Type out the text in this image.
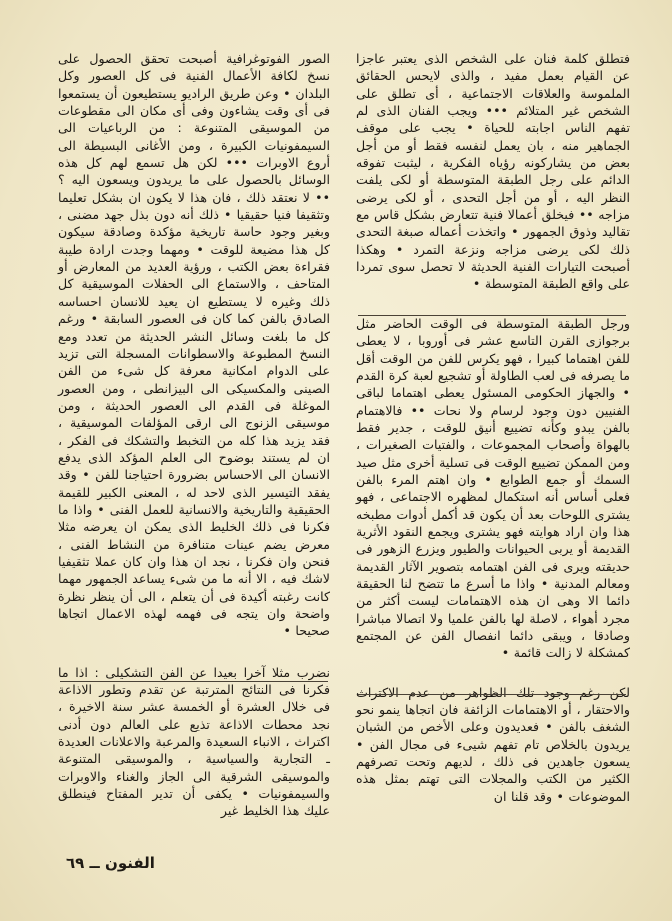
فتطلق كلمة فنان على الشخص الذى يعتبر عاجزا عن القيام بعمل مفيد ، والذى لايحس الحقائق الملموسة والعلاقات الاجتماعية ، أى تطلق على الشخص غير المتلائم ••• ويجب الفنان الذى لم تفهم الناس اجابته للحياة • يجب على موقف الجماهير منه ، بان يعمل لنفسه فقط أو من أجل بعض من يشاركونه رؤياه الفكرية ، ليثبت تفوقه الدائم على رجل الطبقة المتوسطة أو لكى يلفت النظر اليه ، أو من أجل التحدى ، أو لكى يرضى مزاجه •• فيخلق أعمالا فنية تتعارض بشكل قاس مع تقاليد وذوق الجمهور • واتخذت أعماله صبغة التحدى ذلك لكى يرضى مزاجه ونزعة التمرد • وهكذا أصبحت التيارات الفنية الحديثة لا تحصل سوى تمردا على واقع الطبقة المتوسطة •

ورجل الطبقة المتوسطة فى الوقت الحاضر مثل برجوازى القرن التاسع عشر فى أوروبا ، لا يعطى للفن اهتماما كبيرا ، فهو يكرس للفن من الوقت أقل ما يصرفه فى لعب الطاولة أو تشجيع لعبة كرة القدم • والجهاز الحكومى المسئول يعطى اهتماما لباقى الفنيين دون وجود لرسام ولا نحات •• فالاهتمام بالفن يبدو وكأنه تضييع أنيق للوقت ، جدير فقط بالهواة وأصحاب المجموعات ، والفتيات الصغيرات ، ومن الممكن تضييع الوقت فى تسلية أخرى مثل صيد السمك أو جمع الطوابع • وان اهتم المرء بالفن فعلى أساس أنه استكمال لمظهره الاجتماعى ، فهو يشترى اللوحات بعد أن يكون قد أكمل أدوات مطبخه هذا وان اراد هوايته فهو يشترى ويجمع النقود الأثرية القديمة أو يربى الحيوانات والطيور ويزرع الزهور فى حديقته ويرى فى الفن اهتمامه بتصوير الآثار القديمة ومعالم المدنية • واذا ما أسرع ما تتضح لنا الحقيقة دائما الا وهى ان هذه الاهتمامات ليست أكثر من مجرد أهواء ، لاصلة لها بالفن علميا ولا اتصالا مباشرا وصادقا ، ويبقى دائما انفصال الفن عن المجتمع كمشكلة لا زالت قائمة •

لكن رغم وجود تلك الظواهر من عدم الاكتراث والاحتقار ، أو الاهتمامات الزائفة فان اتجاها ينمو نحو الشغف بالفن • فعديدون وعلى الأخص من الشبان يريدون بالخلاص تام تفهم شيىء فى مجال الفن • يسعون جاهدين فى ذلك ، لديهم وتحت تصرفهم الكثير من الكتب والمجلات التى تهتم بمثل هذه الموضوعات • وقد قلنا ان

الصور الفوتوغرافية أصبحت تحقق الحصول على نسخ لكافة الأعمال الفنية فى كل العصور وكل البلدان • وعن طريق الراديو يستطيعون أن يستمعوا فى أى وقت يشاءون وفى أى مكان الى مقطوعات من الموسيقى المتنوعة : من الرباعيات الى السيمفونيات الكبيرة ، ومن الأغانى البسيطة الى أروع الاوبرات ••• لكن هل تسمع لهم كل هذه الوسائل بالحصول على ما يريدون ويسعون اليه ؟ •• لا نعتقد ذلك ، فان هذا لا يكون ان بشكل تعليما وتثقيفا فنيا حقيقيا • ذلك أنه دون بذل جهد مضنى ، وبغير وجود حاسة تاريخية مؤكدة وصادقة سيكون كل هذا مضيعة للوقت • ومهما وجدت ارادة طيبة فقراءة بعض الكتب ، ورؤية العديد من المعارض أو المتاحف ، والاستماع الى الحفلات الموسيقية كل ذلك وغيره لا يستطيع ان يعيد للانسان احساسه الصادق بالفن كما كان فى العصور السابقة • ورغم كل ما بلغت وسائل النشر الحديثة من تعدد ومع النسخ المطبوعة والاسطوانات المسجلة التى تزيد على الدوام امكانية معرفة كل شىء من الفن الصينى والمكسيكى الى البيزانطى ، ومن العصور الموغلة فى القدم الى العصور الحديثة ، ومن موسيقى الزنوج الى ارقى المؤلفات الموسيقية ، فقد يزيد هذا كله من التخبط والتشكك فى الفكر ، ان لم يستند بوضوح الى العلم المؤكد الذى يدفع الانسان الى الاحساس بضرورة احتياجنا للفن • وقد يفقد التيسير الذى لاحد له ، المعنى الكبير للقيمة الحقيقية والتاريخية والانسانية للعمل الفنى • واذا ما فكرنا فى ذلك الخليط الذى يمكن ان يعرضه مثلا معرض يضم عينات متنافرة من النشاط الفنى ، فنحن وان فكرنا ، نجد ان هذا وان كان عملا تثقيفيا لاشك فيه ، الا أنه ما من شىء يساعد الجمهور مهما كانت رغبته أكيدة فى أن يتعلم ، الى أن ينظر نظرة واضحة وان يتجه فى فهمه لهذه الاعمال اتجاها صحيحا •

نضرب مثلا آخرا بعيدا عن الفن التشكيلى : اذا ما فكرنا فى النتائج المترتبة عن تقدم وتطور الاذاعة فى خلال العشرة أو الخمسة عشر سنة الاخيرة ، نجد محطات الاذاعة تذيع على العالم دون أدنى اكتراث ، الانباء السعيدة والمرعبة والاعلانات العديدة ـ التجارية والسياسية ، والموسيقى المتنوعة والموسيقى الشرقية الى الجاز والغناء والاوبرات والسيمفونيات • يكفى أن تدير المفتاح فينطلق عليك هذا الخليط غير

الفنون ــ ٦٩
